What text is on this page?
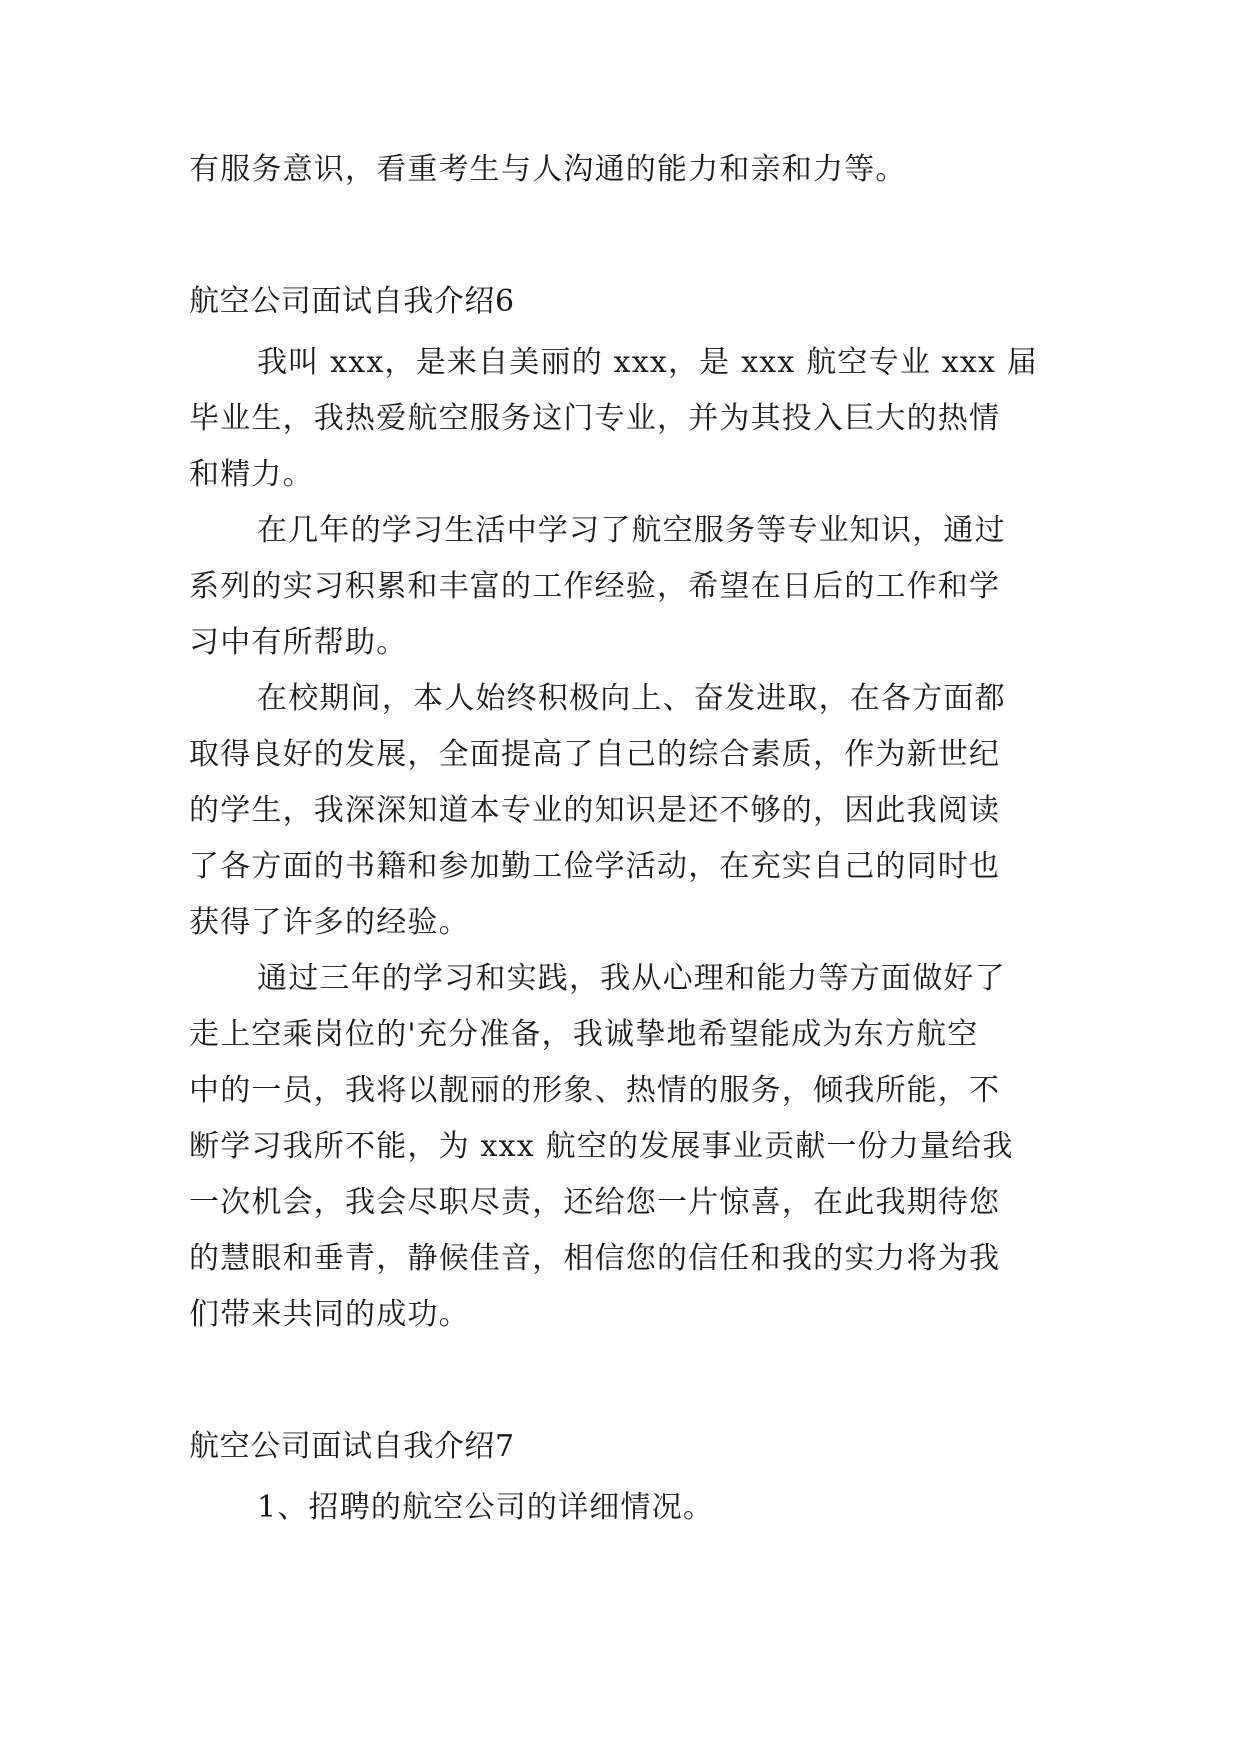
有服务意识，看重考生与人沟通的能力和亲和力等。
航空公司面试自我介绍6
我叫 xxx，是来自美丽的 xxx，是 xxx 航空专业 xxx 届
毕业生，我热爱航空服务这门专业，并为其投入巨大的热情
和精力。
在几年的学习生活中学习了航空服务等专业知识，通过
系列的实习积累和丰富的工作经验，希望在日后的工作和学
习中有所帮助。
在校期间，本人始终积极向上、奋发进取，在各方面都
取得良好的发展，全面提高了自己的综合素质，作为新世纪
的学生，我深深知道本专业的知识是还不够的，因此我阅读
了各方面的书籍和参加勤工俭学活动，在充实自己的同时也
获得了许多的经验。
通过三年的学习和实践，我从心理和能力等方面做好了
走上空乘岗位的'充分准备，我诚挚地希望能成为东方航空
中的一员，我将以靓丽的形象、热情的服务，倾我所能，不
断学习我所不能，为 xxx 航空的发展事业贡献一份力量给我
一次机会，我会尽职尽责，还给您一片惊喜，在此我期待您
的慧眼和垂青，静候佳音，相信您的信任和我的实力将为我
们带来共同的成功。
航空公司面试自我介绍7
1、招聘的航空公司的详细情况。
